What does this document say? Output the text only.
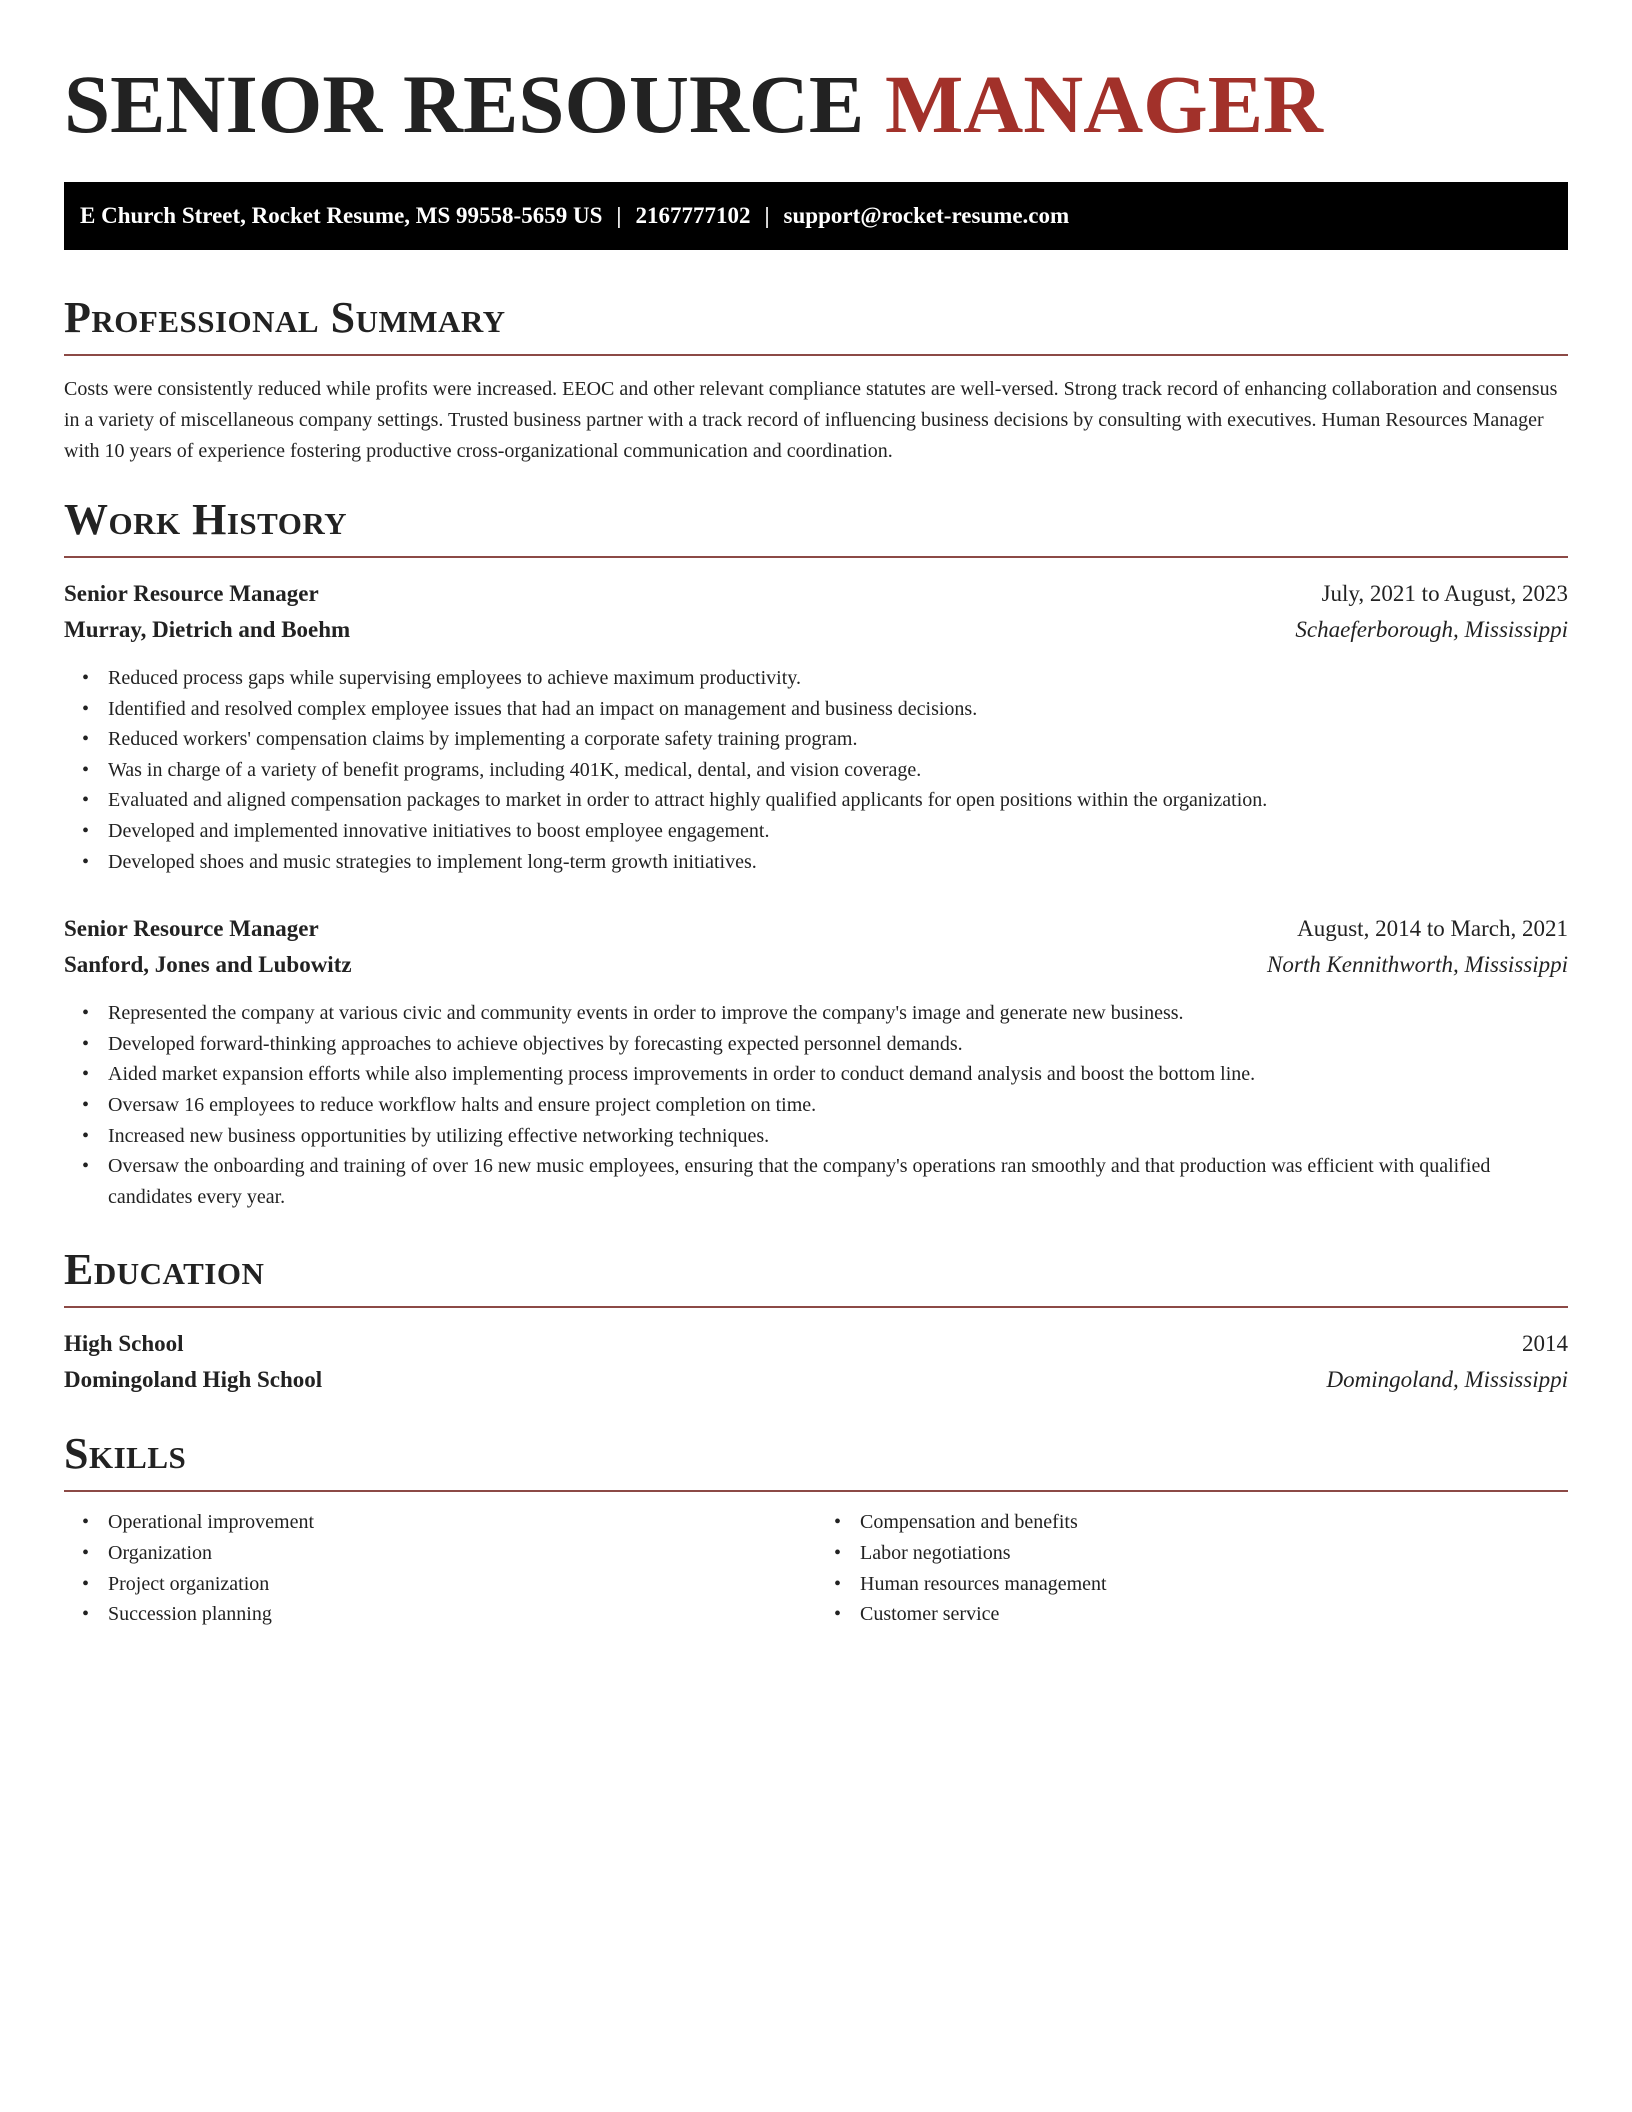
SENIOR RESOURCE MANAGER
E Church Street, Rocket Resume, MS 99558-5659 US | 2167777102 | support@rocket-resume.com
Professional Summary

Costs were consistently reduced while profits were increased. EEOC and other relevant compliance statutes are well-versed. Strong track record of enhancing collaboration and consensus in a variety of miscellaneous company settings. Trusted business partner with a track record of influencing business decisions by consulting with executives. Human Resources Manager with 10 years of experience fostering productive cross-organizational communication and coordination.

Work History
Senior Resource Manager	July, 2021 to August, 2023
Murray, Dietrich and Boehm	Schaeferborough, Mississippi
• Reduced process gaps while supervising employees to achieve maximum productivity.
• Identified and resolved complex employee issues that had an impact on management and business decisions.
• Reduced workers' compensation claims by implementing a corporate safety training program.
• Was in charge of a variety of benefit programs, including 401K, medical, dental, and vision coverage.
• Evaluated and aligned compensation packages to market in order to attract highly qualified applicants for open positions within the organization.
• Developed and implemented innovative initiatives to boost employee engagement.
• Developed shoes and music strategies to implement long-term growth initiatives.
Senior Resource Manager	August, 2014 to March, 2021
Sanford, Jones and Lubowitz	North Kennithworth, Mississippi
• Represented the company at various civic and community events in order to improve the company's image and generate new business.
• Developed forward-thinking approaches to achieve objectives by forecasting expected personnel demands.
• Aided market expansion efforts while also implementing process improvements in order to conduct demand analysis and boost the bottom line.
• Oversaw 16 employees to reduce workflow halts and ensure project completion on time.
• Increased new business opportunities by utilizing effective networking techniques.
• Oversaw the onboarding and training of over 16 new music employees, ensuring that the company's operations ran smoothly and that production was efficient with qualified candidates every year.
Education
High School	2014
Domingoland High School	Domingoland, Mississippi
Skills
• Operational improvement
• Organization
• Project organization
• Succession planning
• Compensation and benefits
• Labor negotiations
• Human resources management
• Customer service
